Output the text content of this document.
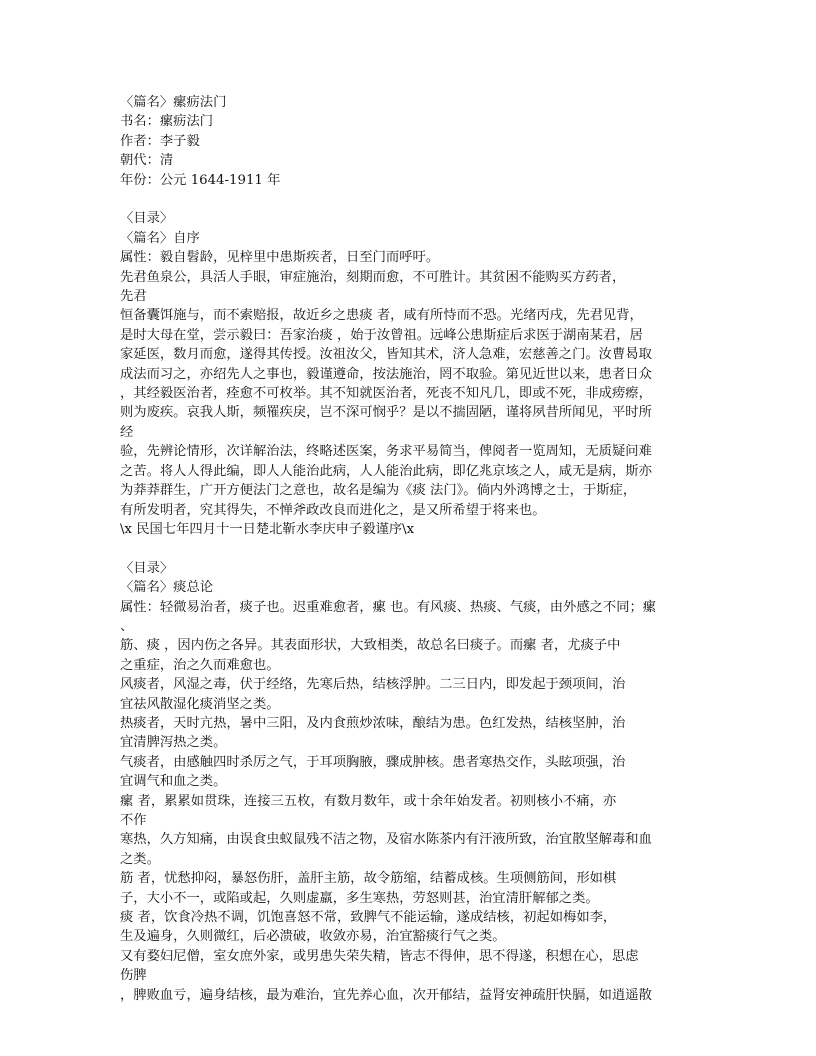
〈篇名〉瘰疬法门
书名：瘰疬法门
作者：李子毅
朝代：清
年份：公元 1644-1911 年
〈目录〉
〈篇名〉自序
属性：毅自髫龄，见梓里中患斯疾者，日至门而呼吁。
先君鱼泉公，具活人手眼，审症施治，刻期而愈，不可胜计。其贫困不能购买方药者，
先君
恒备囊饵施与，而不索赔报，故近乡之患痰 者，咸有所恃而不恐。光绪丙戌，先君见背，
是时大母在堂，尝示毅曰：吾家治痰 ，始于汝曾祖。远峰公患斯症后求医于湖南某君，居
家延医，数月而愈，遂得其传授。汝祖汝父，皆知其术，济人急难，宏慈善之门。汝曹曷取
成法而习之，亦绍先人之事也，毅谨遵命，按法施治，罔不取验。第见近世以来，患者日众
，其经毅医治者，痊愈不可枚举。其不知就医治者，死丧不知凡几，即或不死，非成痨瘵，
则为废疾。哀我人斯，频罹疾戾，岂不深可悯乎？是以不揣固陋，谨将夙昔所闻见，平时所
经
验，先辨论情形，次详解治法，终略述医案，务求平易简当，俾阅者一览周知，无质疑问难
之苦。将人人得此编，即人人能治此病，人人能治此病，即亿兆京垓之人，咸无是病，斯亦
为莽莽群生，广开方便法门之意也，故名是编为《痰 法门》。倘内外鸿博之士，于斯症，
有所发明者，究其得失，不惮斧政改良而进化之，是又所希望于将来也。
\x 民国七年四月十一日楚北靳水李庆申子毅谨序\x
〈目录〉
〈篇名〉痰总论
属性：轻微易治者，痰子也。迟重难愈者，瘰 也。有风痰、热痰、气痰，由外感之不同；瘰
、
筋、痰 ，因内伤之各异。其表面形状，大致相类，故总名曰痰子。而瘰 者，尤痰子中
之重症，治之久而难愈也。
风痰者，风湿之毒，伏于经络，先寒后热，结核浮肿。二三日内，即发起于颈项间，治
宜祛风散湿化痰消坚之类。
热痰者，天时亢热，暑中三阳，及内食煎炒浓味，酿结为患。色红发热，结核坚肿，治
宜清脾泻热之类。
气痰者，由感触四时杀厉之气，于耳项胸腋，骤成肿核。患者寒热交作，头眩项强，治
宜调气和血之类。
瘰 者，累累如贯珠，连接三五枚，有数月数年，或十余年始发者。初则核小不痛，亦
不作
寒热，久方知痛，由误食虫蚁鼠残不洁之物，及宿水陈茶内有汗液所致，治宜散坚解毒和血
之类。
筋 者，忧愁抑闷，暴怒伤肝，盖肝主筋，故令筋缩，结蓄成核。生项侧筋间，形如棋
子，大小不一，或陷或起，久则虚羸，多生寒热，劳怒则甚，治宜清肝解郁之类。
痰 者，饮食冷热不调，饥饱喜怒不常，致脾气不能运输，遂成结核，初起如梅如李，
生及遍身，久则微红，后必溃破，收敛亦易，治宜豁痰行气之类。
又有婺妇尼僧，室女庶外家，或男患失荣失精，皆志不得伸，思不得遂，积想在心，思虑
伤脾
，脾败血亏，遍身结核，最为难治，宜先养心血，次开郁结，益肾安神疏肝快膈，如逍遥散
